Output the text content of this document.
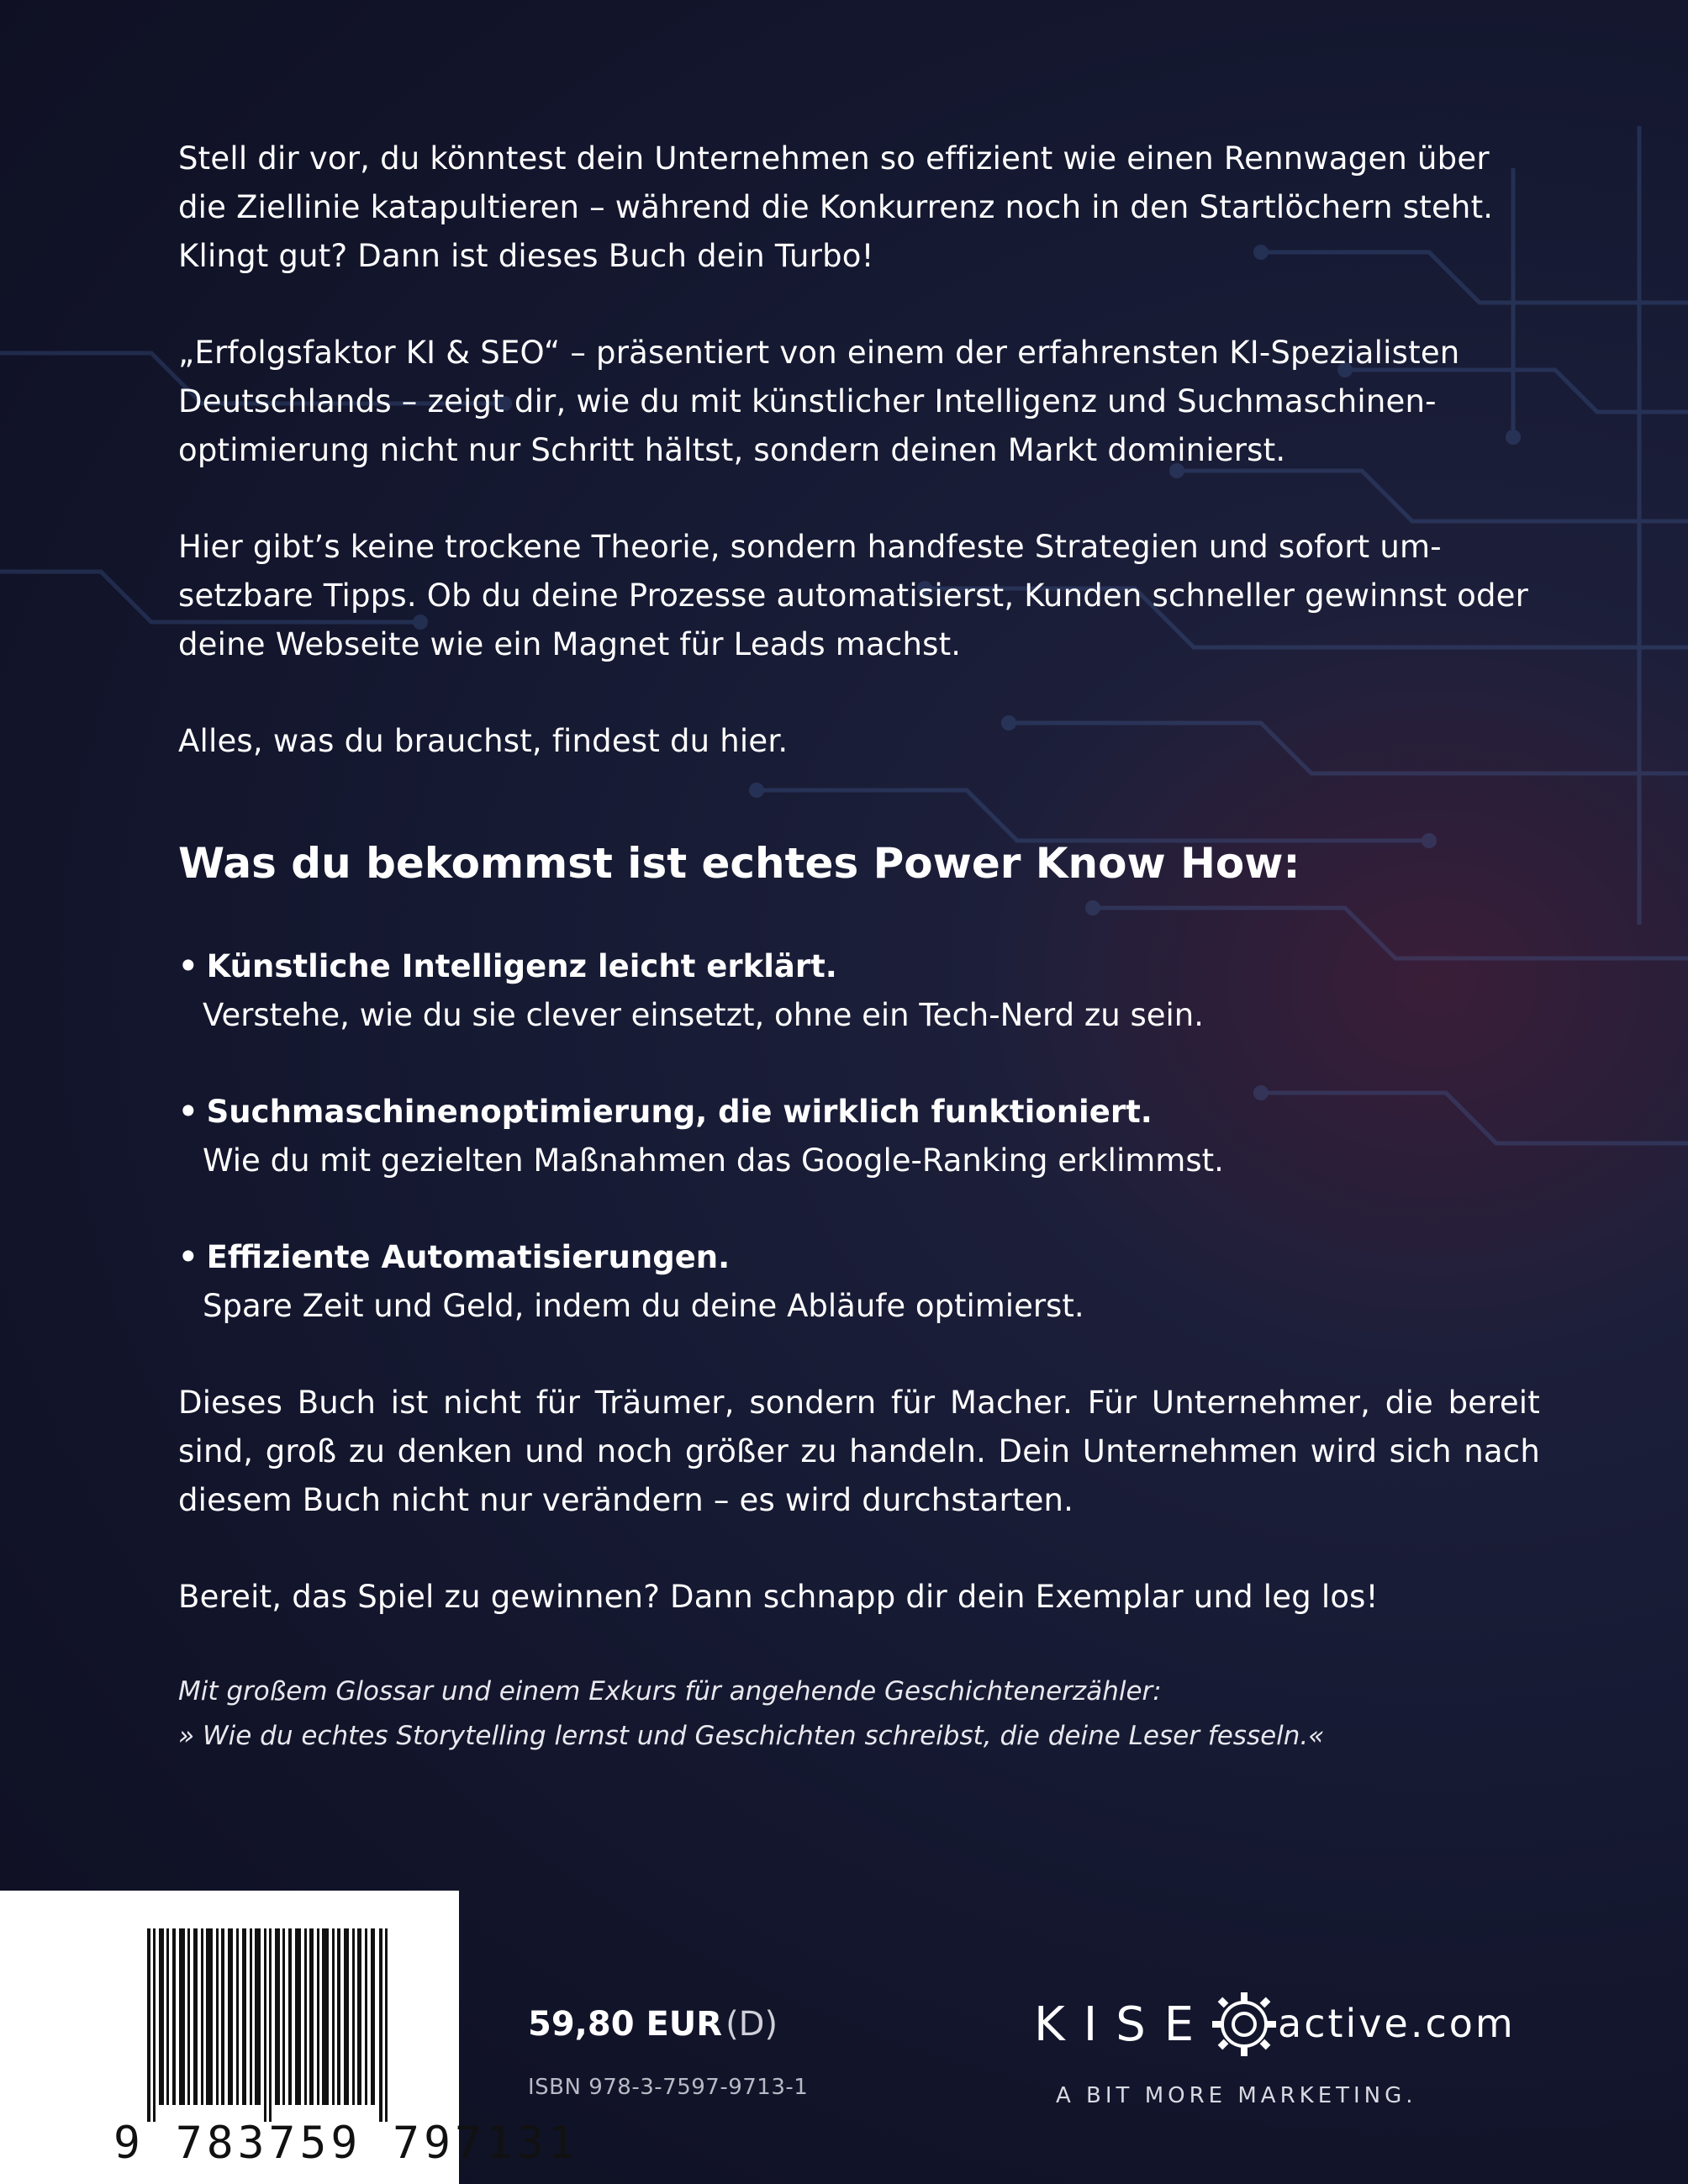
Stell dir vor, du könntest dein Unternehmen so effizient wie einen Rennwagen über die Ziellinie katapultieren – während die Konkurrenz noch in den Startlöchern steht. Klingt gut? Dann ist dieses Buch dein Turbo!

„Erfolgsfaktor KI & SEO“ – präsentiert von einem der erfahrensten KI-Spezialisten Deutschlands – zeigt dir, wie du mit künstlicher Intelligenz und Suchmaschinenoptimierung nicht nur Schritt hältst, sondern deinen Markt dominierst.

Hier gibt’s keine trockene Theorie, sondern handfeste Strategien und sofort umsetzbare Tipps. Ob du deine Prozesse automatisierst, Kunden schneller gewinnst oder deine Webseite wie ein Magnet für Leads machst.

Alles, was du brauchst, findest du hier.

Was du bekommst ist echtes Power Know How:
• Künstliche Intelligenz leicht erklärt.
Verstehe, wie du sie clever einsetzt, ohne ein Tech-Nerd zu sein.
• Suchmaschinenoptimierung, die wirklich funktioniert.
Wie du mit gezielten Maßnahmen das Google-Ranking erklimmst.
• Effiziente Automatisierungen.
Spare Zeit und Geld, indem du deine Abläufe optimierst.

Dieses Buch ist nicht für Träumer, sondern für Macher. Für Unternehmer, die bereit sind, groß zu denken und noch größer zu handeln. Dein Unternehmen wird sich nach diesem Buch nicht nur verändern – es wird durchstarten.

Bereit, das Spiel zu gewinnen? Dann schnapp dir dein Exemplar und leg los!

Mit großem Glossar und einem Exkurs für angehende Geschichtenerzähler:
» Wie du echtes Storytelling lernst und Geschichten schreibst, die deine Leser fesseln.«
9 783759 797131
59,80 EUR (D)
ISBN 978-3-7597-9713-1
KISE active.com
A BIT MORE MARKETING.
